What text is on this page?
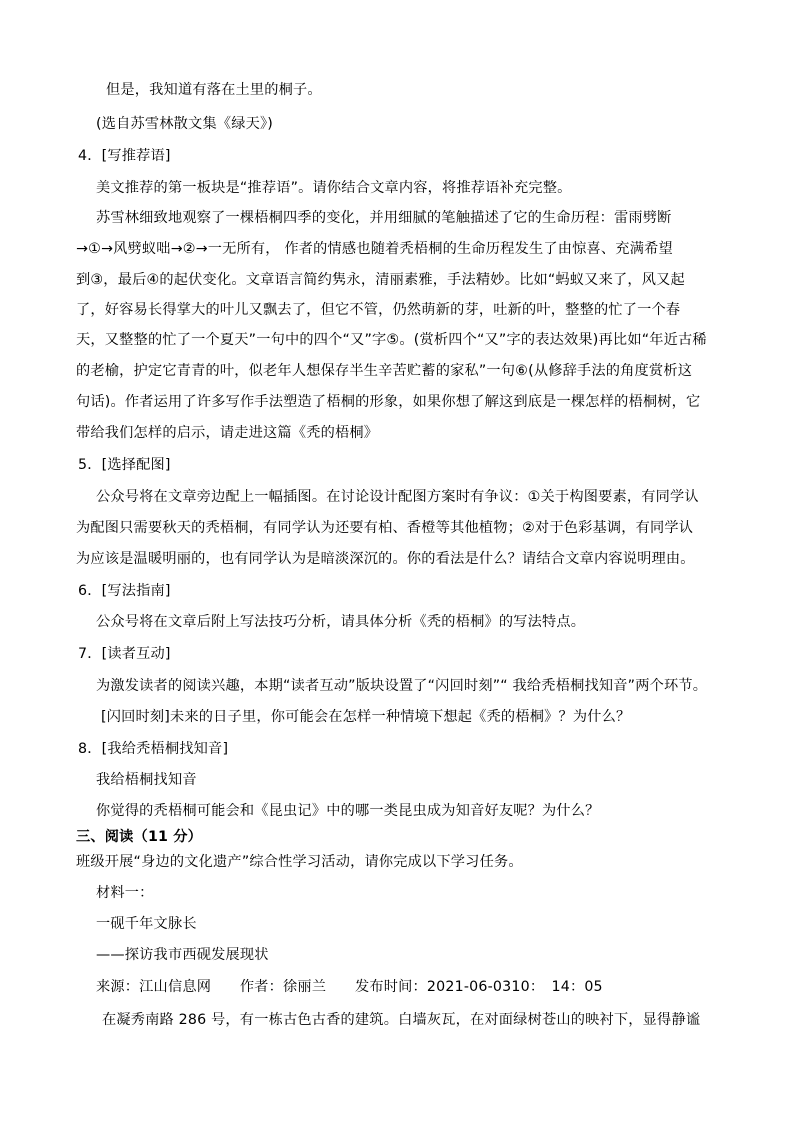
但是，我知道有落在土里的桐子。
(选自苏雪林散文集《绿天》)
4．[写推荐语]
美文推荐的第一板块是“推荐语”。请你结合文章内容，将推荐语补充完整。
苏雪林细致地观察了一棵梧桐四季的变化，并用细腻的笔触描述了它的生命历程：雷雨劈断
→①→风劈蚁咄→②→一无所有， 作者的情感也随着秃梧桐的生命历程发生了由惊喜、充满希望
到③，最后④的起伏变化。文章语言简约隽永，清丽素雅，手法精妙。比如“蚂蚁又来了，风又起
了，好容易长得掌大的叶儿又飘去了，但它不管，仍然萌新的芽，吐新的叶，整整的忙了一个春
天，又整整的忙了一个夏天”一句中的四个“又”字⑤。(赏析四个“又”字的表达效果)再比如“年近古稀
的老榆，护定它青青的叶，似老年人想保存半生辛苦贮蓄的家私”一句⑥(从修辞手法的角度赏析这
句话)。作者运用了许多写作手法塑造了梧桐的形象，如果你想了解这到底是一棵怎样的梧桐树，它
带给我们怎样的启示，请走进这篇《秃的梧桐》
5．[选择配图]
公众号将在文章旁边配上一幅插图。在讨论设计配图方案时有争议：①关于构图要素，有同学认
为配图只需要秋天的秃梧桐，有同学认为还要有柏、香橙等其他植物；②对于色彩基调，有同学认
为应该是温暖明丽的，也有同学认为是暗淡深沉的。你的看法是什么？请结合文章内容说明理由。
6．[写法指南]
公众号将在文章后附上写法技巧分析，请具体分析《秃的梧桐》的写法特点。
7．[读者互动]
为激发读者的阅读兴趣，本期“读者互动”版块设置了“闪回时刻”“ 我给秃梧桐找知音”两个环节。
[闪回时刻]未来的日子里，你可能会在怎样一种情境下想起《秃的梧桐》？为什么？
8．[我给秃梧桐找知音]
我给梧桐找知音
你觉得的秃梧桐可能会和《昆虫记》中的哪一类昆虫成为知音好友呢？为什么？
三、阅读（11 分）
班级开展“身边的文化遗产”综合性学习活动，请你完成以下学习任务。
材料一：
一砚千年文脉长
——探访我市西砚发展现状
来源：江山信息网　　作者：徐丽兰　　发布时间：2021-06-0310：　14：05
在凝秀南路 286 号，有一栋古色古香的建筑。白墙灰瓦，在对面绿树苍山的映衬下，显得静谧
